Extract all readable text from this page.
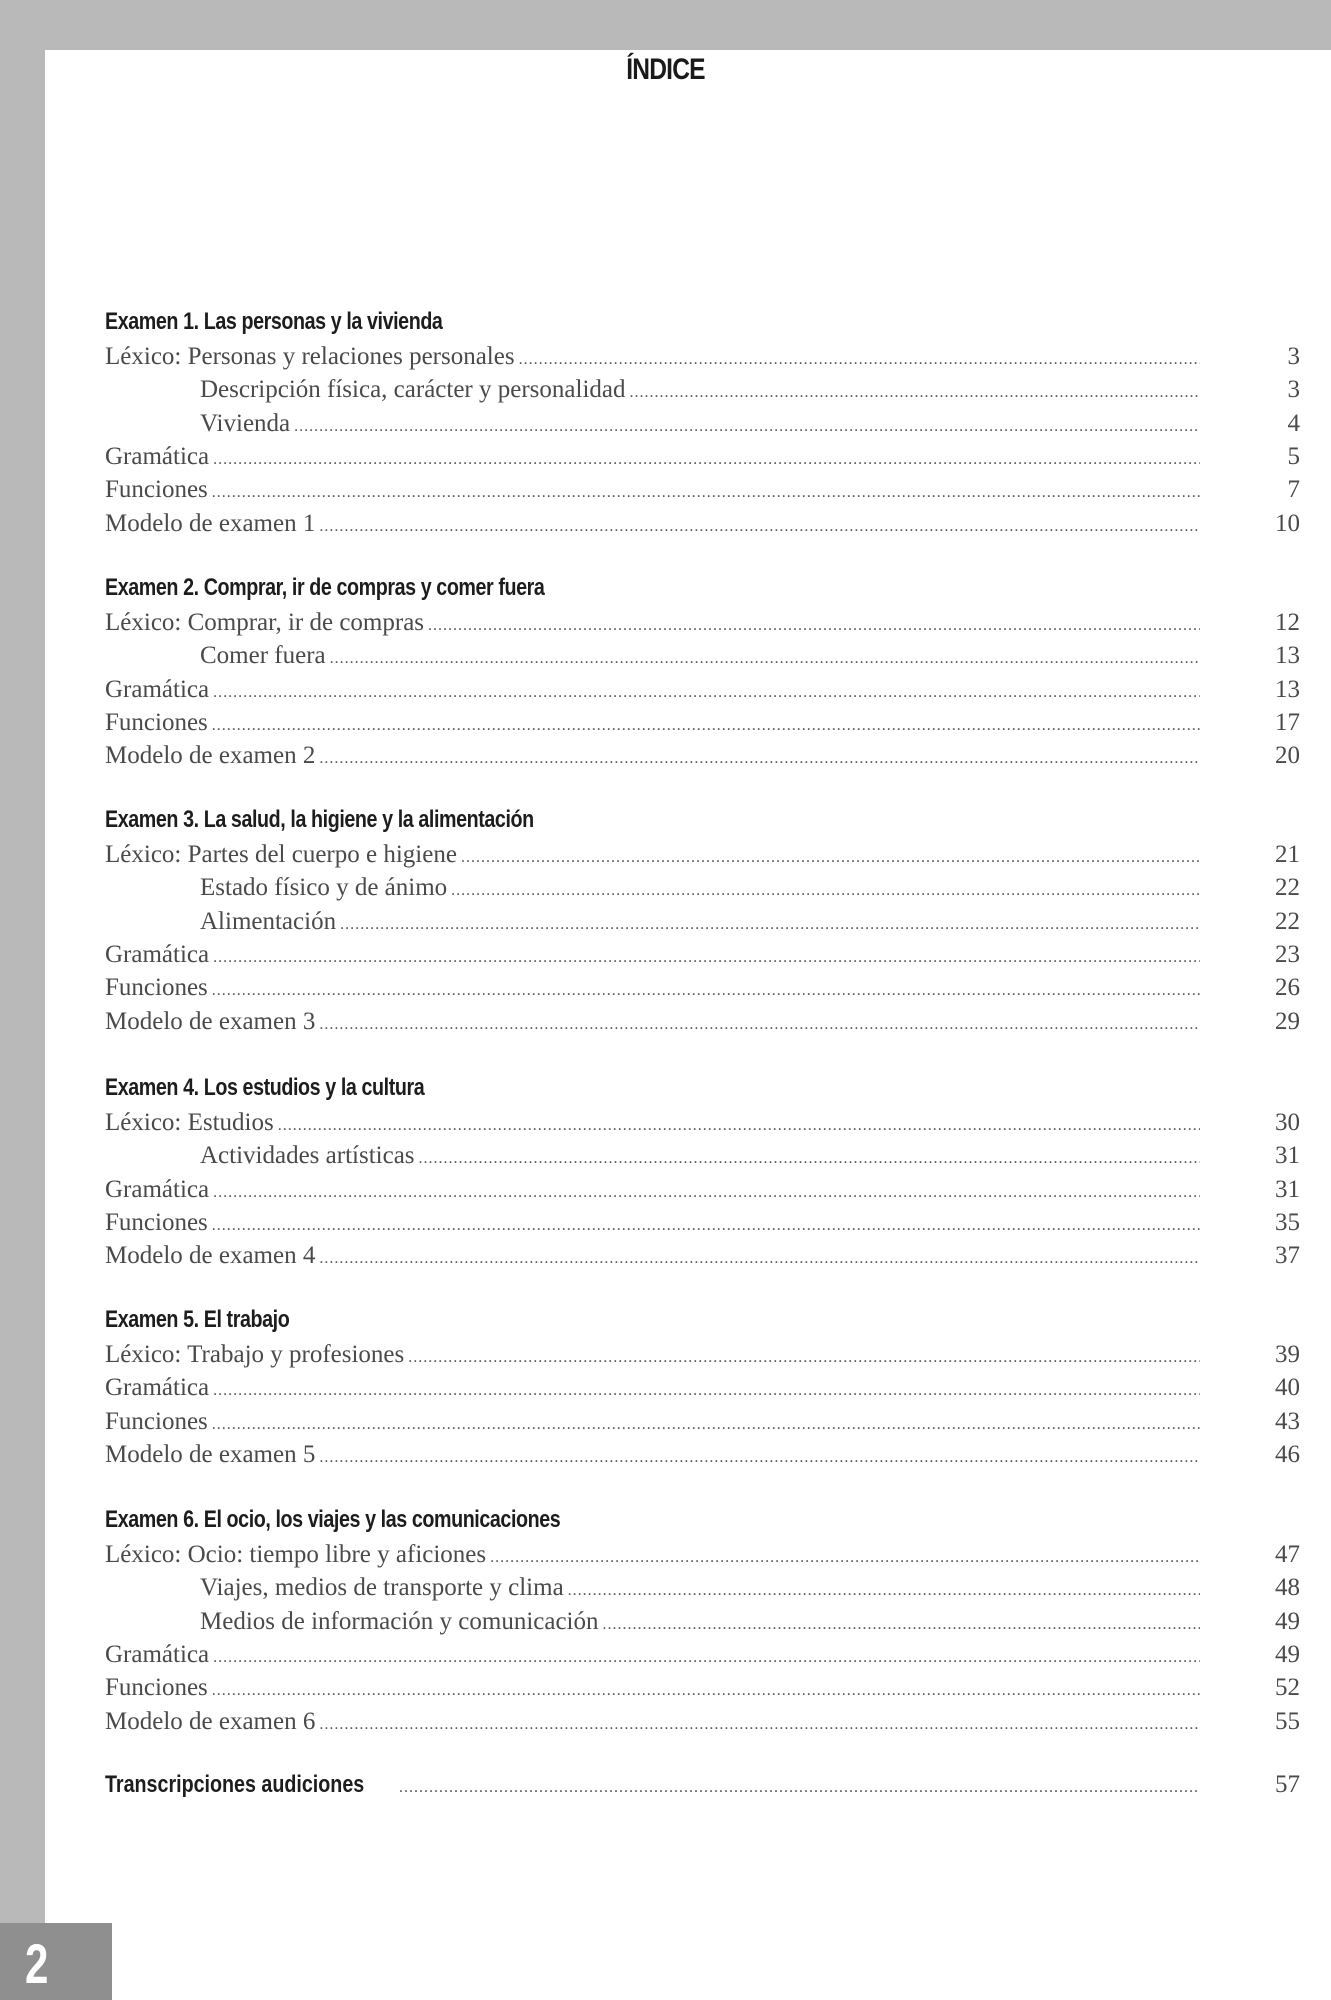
ÍNDICE
Examen 1. Las personas y la vivienda
Léxico: Personas y relaciones personales .....	3
Descripción física, carácter y personalidad .....	3
Vivienda .....	4
Gramática .....	5
Funciones .....	7
Modelo de examen 1 .....	10
Examen 2. Comprar, ir de compras y comer fuera
Léxico: Comprar, ir de compras .....	12
Comer fuera .....	13
Gramática .....	13
Funciones .....	17
Modelo de examen 2 .....	20
Examen 3. La salud, la higiene y la alimentación
Léxico: Partes del cuerpo e higiene .....	21
Estado físico y de ánimo .....	22
Alimentación .....	22
Gramática .....	23
Funciones .....	26
Modelo de examen 3 .....	29
Examen 4. Los estudios y la cultura
Léxico: Estudios .....	30
Actividades artísticas .....	31
Gramática .....	31
Funciones .....	35
Modelo de examen 4 .....	37
Examen 5. El trabajo
Léxico: Trabajo y profesiones .....	39
Gramática .....	40
Funciones .....	43
Modelo de examen 5 .....	46
Examen 6. El ocio, los viajes y las comunicaciones
Léxico: Ocio: tiempo libre y aficiones .....	47
Viajes, medios de transporte y clima .....	48
Medios de información y comunicación .....	49
Gramática .....	49
Funciones .....	52
Modelo de examen 6 .....	55
Transcripciones audiciones .....	57
2
